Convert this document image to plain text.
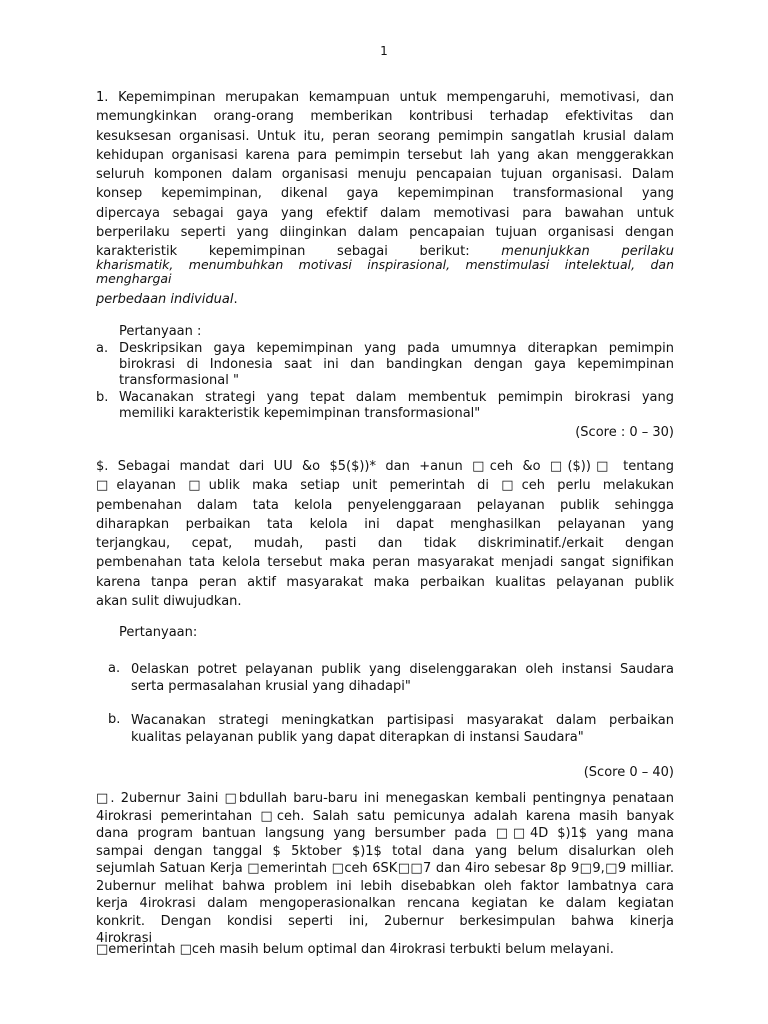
1
1. Kepemimpinan merupakan kemampuan untuk mempengaruhi, memotivasi, dan
memungkinkan orang-orang memberikan kontribusi terhadap efektivitas dan
kesuksesan organisasi. Untuk itu, peran seorang pemimpin sangatlah krusial dalam
kehidupan organisasi karena para pemimpin tersebut lah yang akan menggerakkan
seluruh komponen dalam organisasi menuju pencapaian tujuan organisasi. Dalam
konsep kepemimpinan, dikenal gaya kepemimpinan transformasional yang
dipercaya sebagai gaya yang efektif dalam memotivasi para bawahan untuk
berperilaku seperti yang diinginkan dalam pencapaian tujuan organisasi dengan
karakteristik kepemimpinan sebagai berikut: menunjukkan perilaku
kharismatik, menumbuhkan motivasi inspirasional, menstimulasi intelektual, dan
menghargai
perbedaan individual.
Pertanyaan :
a. Deskripsikan gaya kepemimpinan yang pada umumnya diterapkan pemimpin
birokrasi di Indonesia saat ini dan bandingkan dengan gaya kepemimpinan
transformasional "
b. Wacanakan strategi yang tepat dalam membentuk pemimpin birokrasi yang
memiliki karakteristik kepemimpinan transformasional"
(Score : 0 – 30)
$. Sebagai mandat dari UU &o $5($))* dan +anun □ceh &o □($))□ tentang
□elayanan □ublik maka setiap unit pemerintah di □ceh perlu melakukan
pembenahan dalam tata kelola penyelenggaraan pelayanan publik sehingga
diharapkan perbaikan tata kelola ini dapat menghasilkan pelayanan yang
terjangkau, cepat, mudah, pasti dan tidak diskriminatif./erkait dengan
pembenahan tata kelola tersebut maka peran masyarakat menjadi sangat signifikan
karena tanpa peran aktif masyarakat maka perbaikan kualitas pelayanan publik
akan sulit diwujudkan.
Pertanyaan:
a. 0elaskan potret pelayanan publik yang diselenggarakan oleh instansi Saudara
serta permasalahan krusial yang dihadapi"
b. Wacanakan strategi meningkatkan partisipasi masyarakat dalam perbaikan
kualitas pelayanan publik yang dapat diterapkan di instansi Saudara"
(Score 0 – 40)
□. 2ubernur 3aini □bdullah baru-baru ini menegaskan kembali pentingnya penataan
4irokrasi pemerintahan □ceh. Salah satu pemicunya adalah karena masih banyak
dana program bantuan langsung yang bersumber pada □□4D $)1$ yang mana
sampai dengan tanggal $ 5ktober $)1$ total dana yang belum disalurkan oleh
sejumlah Satuan Kerja □emerintah □ceh 6SK□□7 dan 4iro sebesar 8p 9□9,□9 milliar.
2ubernur melihat bahwa problem ini lebih disebabkan oleh faktor lambatnya cara
kerja 4irokrasi dalam mengoperasionalkan rencana kegiatan ke dalam kegiatan
konkrit. Dengan kondisi seperti ini, 2ubernur berkesimpulan bahwa kinerja
4irokrasi
□emerintah □ceh masih belum optimal dan 4irokrasi terbukti belum melayani.
